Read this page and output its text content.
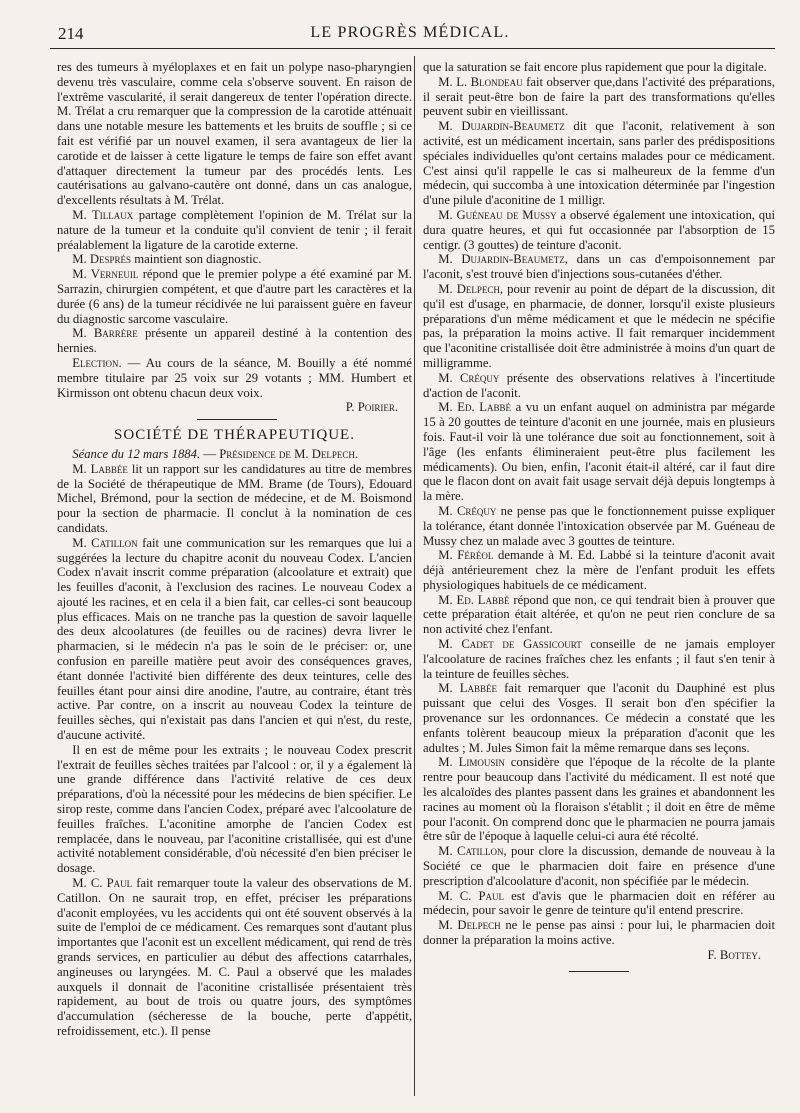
214	LE PROGRÈS MÉDICAL.

res des tumeurs à myéloplaxes et en fait un polype naso-pharyngien devenu très vasculaire, comme cela s'observe souvent. En raison de l'extrême vascularité, il serait dangereux de tenter l'opération directe. M. Trélat a cru remarquer que la compression de la carotide atténuait dans une notable mesure les battements et les bruits de souffle ; si ce fait est vérifié par un nouvel examen, il sera avantageux de lier la carotide et de laisser à cette ligature le temps de faire son effet avant d'attaquer directement la tumeur par des procédés lents. Les cautérisations au galvano-cautère ont donné, dans un cas analogue, d'excellents résultats à M. Trélat.

M. Tillaux partage complètement l'opinion de M. Trélat sur la nature de la tumeur et la conduite qu'il convient de tenir ; il ferait préalablement la ligature de la carotide externe.

M. Després maintient son diagnostic.

M. Verneuil répond que le premier polype a été examiné par M. Sarrazin, chirurgien compétent, et que d'autre part les caractères et la durée (6 ans) de la tumeur récidivée ne lui paraissent guère en faveur du diagnostic sarcome vasculaire.

M. Barrère présente un appareil destiné à la contention des hernies.

Election. — Au cours de la séance, M. Bouilly a été nommé membre titulaire par 25 voix sur 29 votants ; MM. Humbert et Kirmisson ont obtenu chacun deux voix.

P. Poirier.
SOCIÉTÉ DE THÉRAPEUTIQUE.

Séance du 12 mars 1884. — Présidence de M. Delpech.

M. Labbée lit un rapport sur les candidatures au titre de membres de la Société de thérapeutique de MM. Brame (de Tours), Edouard Michel, Brémond, pour la section de médecine, et de M. Boismond pour la section de pharmacie. Il conclut à la nomination de ces candidats.

M. Catillon fait une communication sur les remarques que lui a suggérées la lecture du chapitre aconit du nouveau Codex. L'ancien Codex n'avait inscrit comme préparation (alcoolature et extrait) que les feuilles d'aconit, à l'exclusion des racines. Le nouveau Codex a ajouté les racines, et en cela il a bien fait, car celles-ci sont beaucoup plus efficaces. Mais on ne tranche pas la question de savoir laquelle des deux alcoolatures (de feuilles ou de racines) devra livrer le pharmacien, si le médecin n'a pas le soin de le préciser: or, une confusion en pareille matière peut avoir des conséquences graves, étant donnée l'activité bien différente des deux teintures, celle des feuilles étant pour ainsi dire anodine, l'autre, au contraire, étant très active. Par contre, on a inscrit au nouveau Codex la teinture de feuilles sèches, qui n'existait pas dans l'ancien et qui n'est, du reste, d'aucune activité.

Il en est de même pour les extraits ; le nouveau Codex prescrit l'extrait de feuilles sèches traitées par l'alcool : or, il y a également là une grande différence dans l'activité relative de ces deux préparations, d'où la nécessité pour les médecins de bien spécifier. Le sirop reste, comme dans l'ancien Codex, préparé avec l'alcoolature de feuilles fraîches. L'aconitine amorphe de l'ancien Codex est remplacée, dans le nouveau, par l'aconitine cristallisée, qui est d'une activité notablement considérable, d'où nécessité d'en bien préciser le dosage.

M. C. Paul fait remarquer toute la valeur des observations de M. Catillon. On ne saurait trop, en effet, préciser les préparations d'aconit employées, vu les accidents qui ont été souvent observés à la suite de l'emploi de ce médicament. Ces remarques sont d'autant plus importantes que l'aconit est un excellent médicament, qui rend de très grands services, en particulier au début des affections catarrhales, angineuses ou laryngées. M. C. Paul a observé que les malades auxquels il donnait de l'aconitine cristallisée présentaient très rapidement, au bout de trois ou quatre jours, des symptômes d'accumulation (sécheresse de la bouche, perte d'appétit, refroidissement, etc.). Il pense

que la saturation se fait encore plus rapidement que pour la digitale.

M. L. Blondeau fait observer que,dans l'activité des préparations, il serait peut-être bon de faire la part des transformations qu'elles peuvent subir en vieillissant.

M. Dujardin-Beaumetz dit que l'aconit, relativement à son activité, est un médicament incertain, sans parler des prédispositions spéciales individuelles qu'ont certains malades pour ce médicament. C'est ainsi qu'il rappelle le cas si malheureux de la femme d'un médecin, qui succomba à une intoxication déterminée par l'ingestion d'une pilule d'aconitine de 1 milligr.

M. Guéneau de Mussy a observé également une intoxication, qui dura quatre heures, et qui fut occasionnée par l'absorption de 15 centigr. (3 gouttes) de teinture d'aconit.

M. Dujardin-Beaumetz, dans un cas d'empoisonnement par l'aconit, s'est trouvé bien d'injections sous-cutanées d'éther.

M. Delpech, pour revenir au point de départ de la discussion, dit qu'il est d'usage, en pharmacie, de donner, lorsqu'il existe plusieurs préparations d'un même médicament et que le médecin ne spécifie pas, la préparation la moins active. Il fait remarquer incidemment que l'aconitine cristallisée doit être administrée à moins d'un quart de milligramme.

M. Créquy présente des observations relatives à l'incertitude d'action de l'aconit.

M. Ed. Labbé a vu un enfant auquel on administra par mégarde 15 à 20 gouttes de teinture d'aconit en une journée, mais en plusieurs fois. Faut-il voir là une tolérance due soit au fonctionnement, soit à l'âge (les enfants élimineraient peut-être plus facilement les médicaments). Ou bien, enfin, l'aconit était-il altéré, car il faut dire que le flacon dont on avait fait usage servait déjà depuis longtemps à la mère.

M. Créquy ne pense pas que le fonctionnement puisse expliquer la tolérance, étant donnée l'intoxication observée par M. Guéneau de Mussy chez un malade avec 3 gouttes de teinture.

M. Féréol demande à M. Ed. Labbé si la teinture d'aconit avait déjà antérieurement chez la mère de l'enfant produit les effets physiologiques habituels de ce médicament.

M. Ed. Labbé répond que non, ce qui tendrait bien à prouver que cette préparation était altérée, et qu'on ne peut rien conclure de sa non activité chez l'enfant.

M. Cadet de Gassicourt conseille de ne jamais employer l'alcoolature de racines fraîches chez les enfants ; il faut s'en tenir à la teinture de feuilles sèches.

M. Labbée fait remarquer que l'aconit du Dauphiné est plus puissant que celui des Vosges. Il serait bon d'en spécifier la provenance sur les ordonnances. Ce médecin a constaté que les enfants tolèrent beaucoup mieux la préparation d'aconit que les adultes ; M. Jules Simon fait la même remarque dans ses leçons.

M. Limousin considère que l'époque de la récolte de la plante rentre pour beaucoup dans l'activité du médicament. Il est noté que les alcaloïdes des plantes passent dans les graines et abandonnent les racines au moment où la floraison s'établit ; il doit en être de même pour l'aconit. On comprend donc que le pharmacien ne pourra jamais être sûr de l'époque à laquelle celui-ci aura été récolté.

M. Catillon, pour clore la discussion, demande de nouveau à la Société ce que le pharmacien doit faire en présence d'une prescription d'alcoolature d'aconit, non spécifiée par le médecin.

M. C. Paul est d'avis que le pharmacien doit en référer au médecin, pour savoir le genre de teinture qu'il entend prescrire.

M. Delpech ne le pense pas ainsi : pour lui, le pharmacien doit donner la préparation la moins active.

F. Bottey.
